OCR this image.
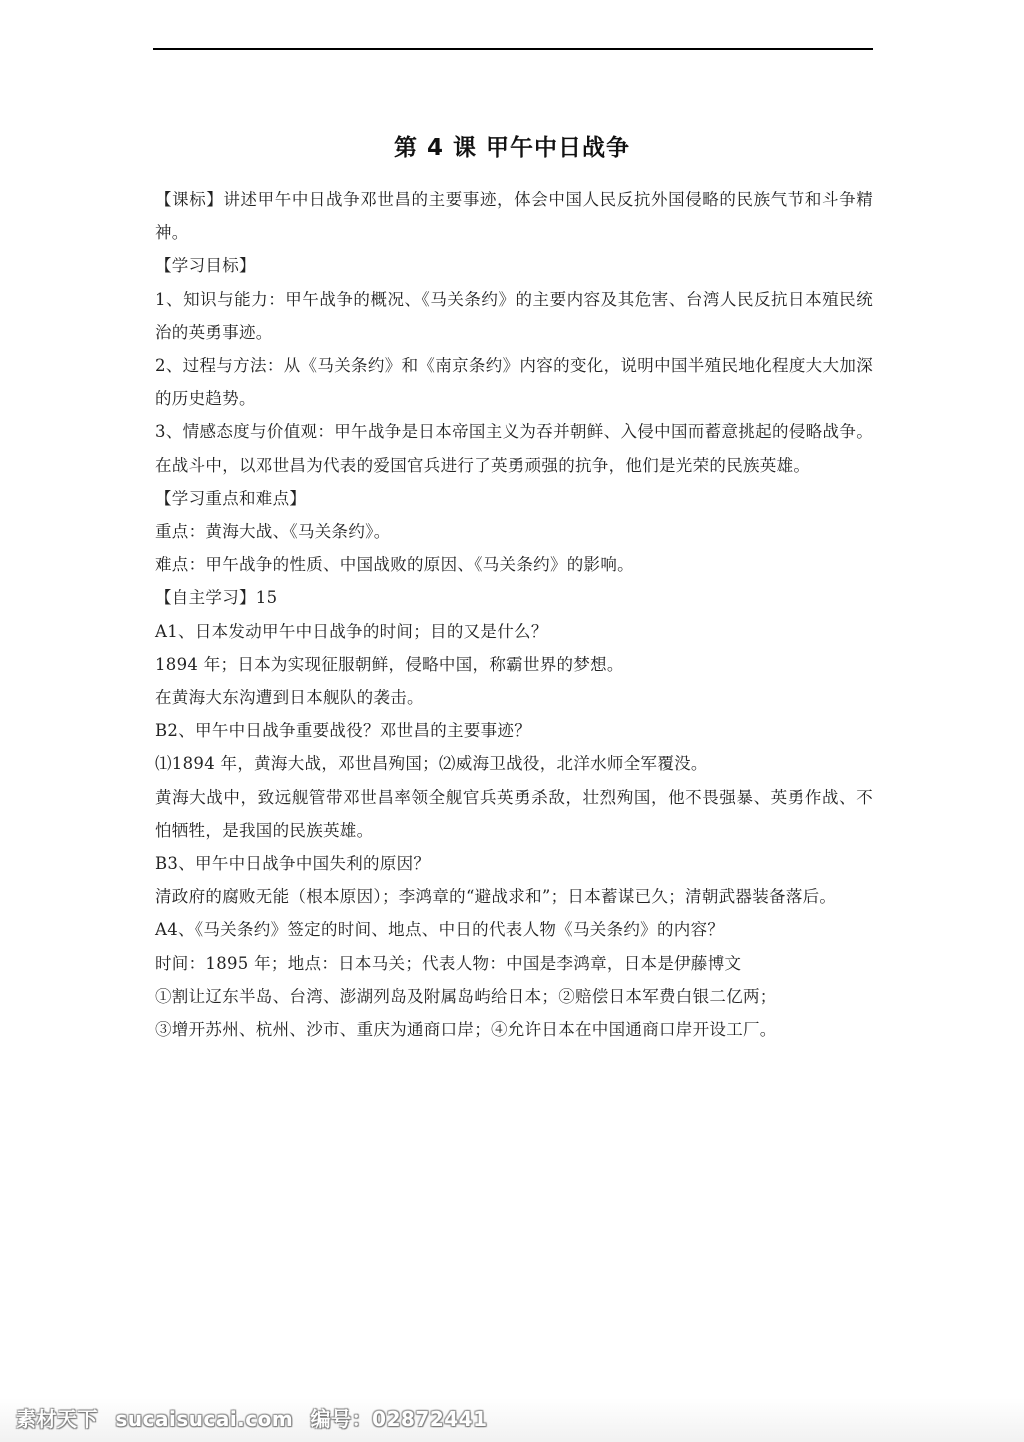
第 4 课 甲午中日战争

【课标】讲述甲午中日战争邓世昌的主要事迹，体会中国人民反抗外国侵略的民族气节和斗争精神。

【学习目标】

1、知识与能力：甲午战争的概况、《马关条约》的主要内容及其危害、台湾人民反抗日本殖民统治的英勇事迹。

2、过程与方法：从《马关条约》和《南京条约》内容的变化，说明中国半殖民地化程度大大加深的历史趋势。

3、情感态度与价值观：甲午战争是日本帝国主义为吞并朝鲜、入侵中国而蓄意挑起的侵略战争。在战斗中，以邓世昌为代表的爱国官兵进行了英勇顽强的抗争，他们是光荣的民族英雄。

【学习重点和难点】

重点：黄海大战、《马关条约》。

难点：甲午战争的性质、中国战败的原因、《马关条约》的影响。

【自主学习】15

A1、日本发动甲午中日战争的时间；目的又是什么？

1894 年；日本为实现征服朝鲜，侵略中国，称霸世界的梦想。

在黄海大东沟遭到日本舰队的袭击。

B2、甲午中日战争重要战役？邓世昌的主要事迹？

⑴1894 年，黄海大战，邓世昌殉国；⑵威海卫战役，北洋水师全军覆没。

黄海大战中，致远舰管带邓世昌率领全舰官兵英勇杀敌，壮烈殉国，他不畏强暴、英勇作战、不怕牺牲，是我国的民族英雄。

B3、甲午中日战争中国失利的原因？

清政府的腐败无能（根本原因）；李鸿章的“避战求和”；日本蓄谋已久；清朝武器装备落后。

A4、《马关条约》签定的时间、地点、中日的代表人物《马关条约》的内容？

时间：1895 年；地点：日本马关；代表人物：中国是李鸿章，日本是伊藤博文

①割让辽东半岛、台湾、澎湖列岛及附属岛屿给日本；②赔偿日本军费白银二亿两；

③增开苏州、杭州、沙市、重庆为通商口岸；④允许日本在中国通商口岸开设工厂。

素材天下 sucaisucai.com 编号：02872441
